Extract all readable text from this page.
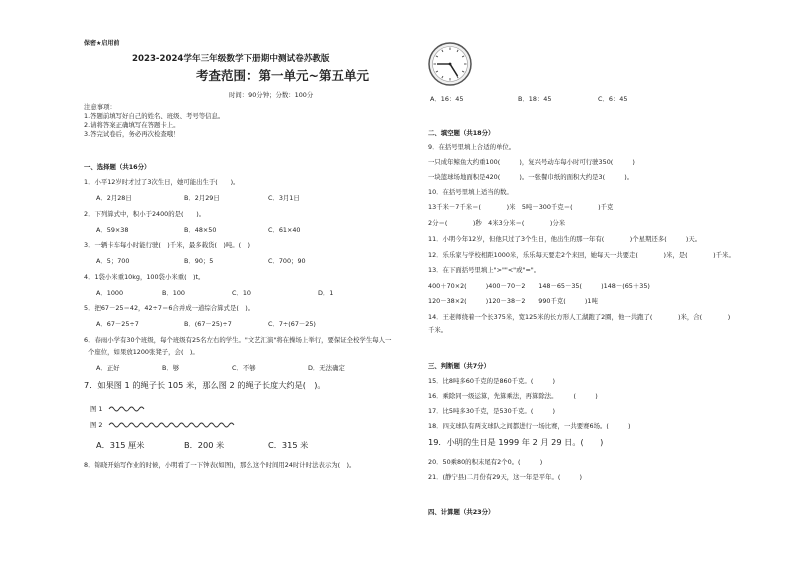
保密★启用前
2023-2024学年三年级数学下册期中测试卷苏教版
考查范围：第一单元~第五单元
时间：90分钟；分数：100分
注意事项：
1.答题前填写好自己的姓名、班级、考号等信息。
2.请将答案正确填写在答题卡上。
3.答完试卷后，务必再次检查哦！
一、选择题（共16分）
1．小平12岁时才过了3次生日，她可能出生于(　　)。
A．2月28日	B．2月29日	C．3月1日
2．下列算式中，积小于2400的是(　　)。
A．59×38	B．48×50	C．61×40
3．一辆卡车每小时能行驶(　)千米，最多载货(　)吨。(　)
A．5；700	B．90；5	C．700；90
4．1袋小米重10kg，100袋小米重(　)t。
A．1000	B．100	C．10	D．1
5．把67－25＝42，42÷7＝6合并成一道综合算式是(　)。
A．67－25÷7	B．(67－25)÷7	C．7÷(67－25)
6．春雨小学有30个班级，每个班级有25名左右的学生。"文艺汇演"将在操场上举行，要保证全校学生每人一
个座位，如果放1200张凳子，会(　)。
A．正好	B．够	C．不够	D．无法确定
7．如果图 1 的绳子长 105 米，那么图 2 的绳子长度大约是(　)。
图 1
图 2
A．315 厘米	B．200 米	C．315 米
8．锦晓开始写作业的时候，小明看了一下钟表(如图)，那么这个时间用24时计时法表示为(　)。
A．16：45	B．18：45	C．6：45
二、填空题（共18分）
9．在括号里填上合适的单位。
一只成年鲸鱼大约重100(　　　)，复兴号动车每小时可行驶350(　　　)
一块篮球场地面积是420(　　　)。一张餐巾纸的面积大约是3(　　　)。
10．在括号里填上适当的数。
13千米－7千米＝(　　　　)米　5吨－300千克＝(　　　　)千克
2分＝(　　　　)秒　4米3分米＝(　　　　)分米
11．小明今年12岁，但他只过了3个生日，他出生的那一年有(　　　　)个星期还多(　　　)天。
12．乐乐家与学校相距1000米，乐乐每天要走2个来回，她每天一共要走(　　　　)米，是(　　　　)千米。
13．在下面括号里填上">""<"或"="。
400＋70×2(　　　)400－70－2　　148－65－35(　　　)148－(65＋35)
120－38×2(　　　)120－38－2　　990千克(　　　)1吨
14．王老师绕着一个长375米，宽125米的长方形人工湖跑了2圈，他一共跑了(　　　　)米，合(　　　　)
千米。
三、判断题（共7分）
15．比8吨多60千克的是860千克。(　　　)
16．乘除同一级运算，先算乘法，再算除法。　　　(　　　)
17．比5吨多30千克，是530千克。(　　　)
18．四支球队有两支球队之间都进行一场比赛，一共要赛6场。(　　　)
19．小明的生日是 1999 年 2 月 29 日。(　　)
20．50乘80的积末尾有2个0。(　　　)
21．(静宁县)二月份有29天，这一年是平年。(　　　)
四、计算题（共23分）
